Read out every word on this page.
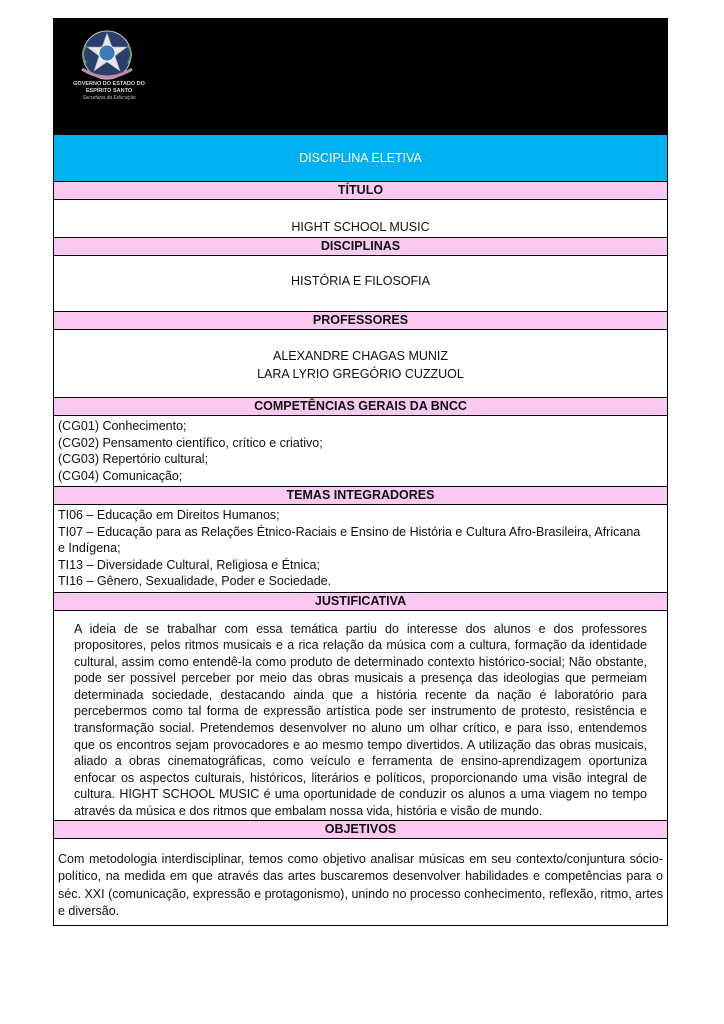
GOVERNO DO ESTADO DO ESPÍRITO SANTO
Secretaria da Educação
DISCIPLINA ELETIVA
TÍTULO
HIGHT SCHOOL MUSIC
DISCIPLINAS
HISTÓRIA E FILOSOFIA
PROFESSORES
ALEXANDRE CHAGAS MUNIZ
LARA LYRIO GREGÓRIO CUZZUOL
COMPETÊNCIAS GERAIS DA BNCC
(CG01) Conhecimento;
(CG02) Pensamento científico, crítico e criativo;
(CG03) Repertório cultural;
(CG04) Comunicação;
TEMAS INTEGRADORES
TI06 – Educação em Direitos Humanos;
TI07 – Educação para as Relações Étnico-Raciais e Ensino de História e Cultura Afro-Brasileira, Africana
e Indígena;
TI13 – Diversidade Cultural, Religiosa e Étnica;
TI16 – Gênero, Sexualidade, Poder e Sociedade.
JUSTIFICATIVA
A ideia de se trabalhar com essa temática partiu do interesse dos alunos e dos professores propositores, pelos ritmos musicais e a rica relação da música com a cultura, formação da identidade cultural, assim como entendê-la como produto de determinado contexto histórico-social; Não obstante, pode ser possível perceber por meio das obras musicais a presença das ideologias que permeiam determinada sociedade, destacando ainda que a história recente da nação é laboratório para percebermos como tal forma de expressão artística pode ser instrumento de protesto, resistência e transformação social. Pretendemos desenvolver no aluno um olhar crítico, e para isso, entendemos que os encontros sejam provocadores e ao mesmo tempo divertidos. A utilização das obras musicais, aliado a obras cinematográficas, como veículo e ferramenta de ensino-aprendizagem oportuniza enfocar os aspectos culturais, históricos, literários e políticos, proporcionando uma visão integral de cultura. HIGHT SCHOOL MUSIC é uma oportunidade de conduzir os alunos a uma viagem no tempo através da música e dos ritmos que embalam nossa vida, história e visão de mundo.
OBJETIVOS
Com metodologia interdisciplinar, temos como objetivo analisar músicas em seu contexto/conjuntura sócio-político, na medida em que através das artes buscaremos desenvolver habilidades e competências para o séc. XXI (comunicação, expressão e protagonismo), unindo no processo conhecimento, reflexão, ritmo, artes e diversão.
